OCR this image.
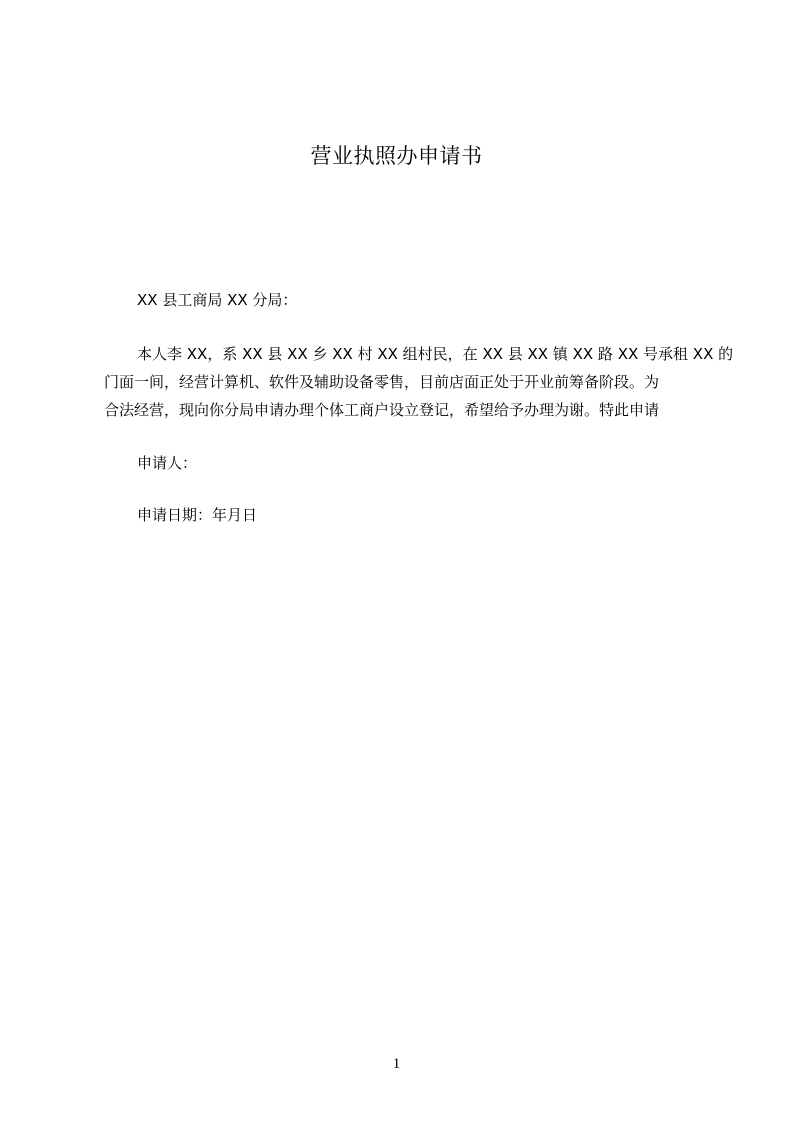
营业执照办申请书
XX 县工商局 XX 分局：
本人李 XX，系 XX 县 XX 乡 XX 村 XX 组村民，在 XX 县 XX 镇 XX 路 XX 号承租 XX 的
门面一间，经营计算机、软件及辅助设备零售，目前店面正处于开业前筹备阶段。为
合法经营，现向你分局申请办理个体工商户设立登记，希望给予办理为谢。特此申请
申请人：
申请日期：年月日
1
